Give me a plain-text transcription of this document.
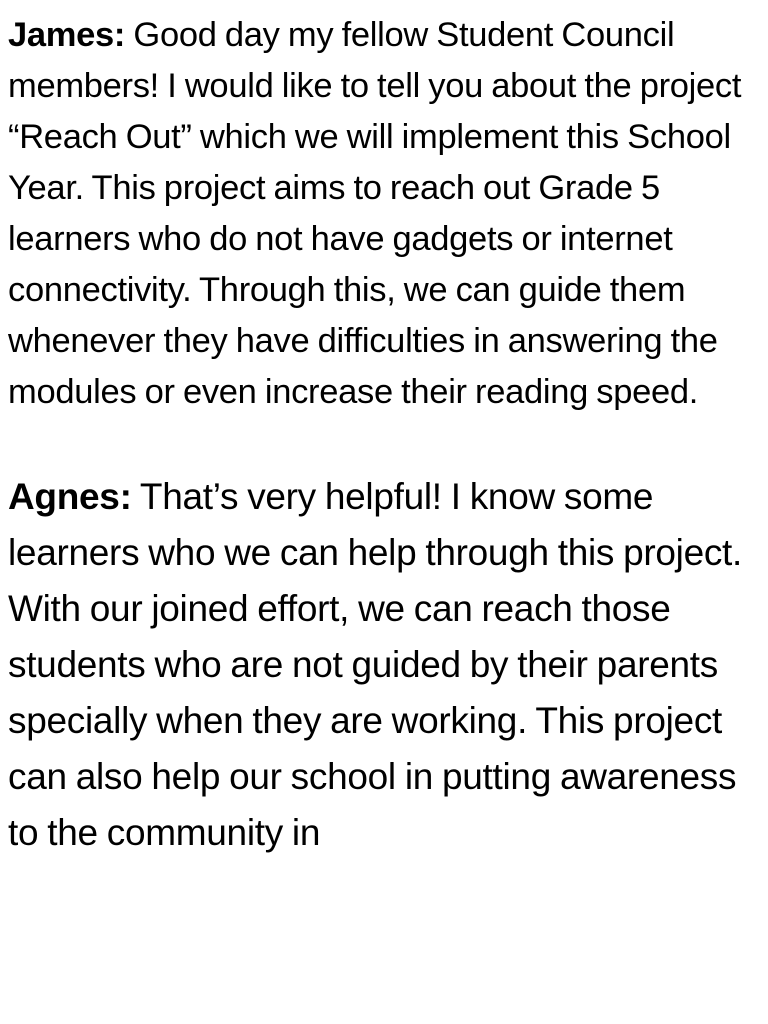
James: Good day my fellow Student Council members! I would like to tell you about the project “Reach Out” which we will implement this School Year. This project aims to reach out Grade 5 learners who do not have gadgets or internet connectivity. Through this, we can guide them whenever they have difficulties in answering the modules or even increase their reading speed.

Agnes: That’s very helpful! I know some learners who we can help through this project. With our joined effort, we can reach those students who are not guided by their parents specially when they are working. This project can also help our school in putting awareness to the community in
